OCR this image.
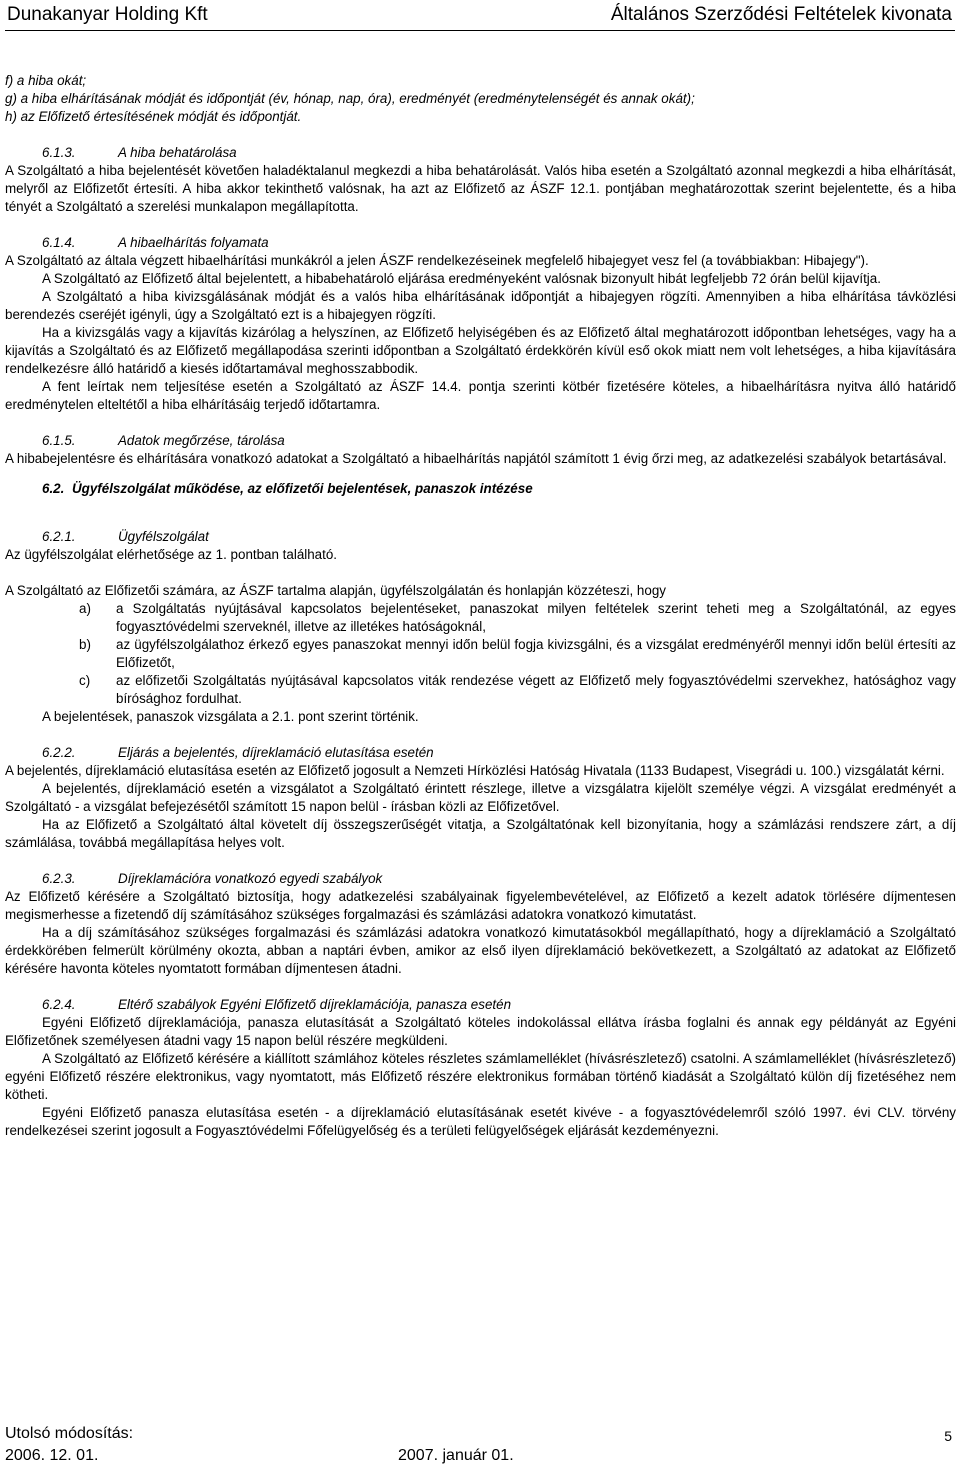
Dunakanyar Holding Kft	Általános Szerződési Feltételek kivonata

f) a hiba okát;

g) a hiba elhárításának módját és időpontját (év, hónap, nap, óra), eredményét (eredménytelenségét és annak okát);

h) az Előfizető értesítésének módját és időpontját.

6.1.3.	A hiba behatárolása

A Szolgáltató a hiba bejelentését követően haladéktalanul megkezdi a hiba behatárolását. Valós hiba esetén a Szolgáltató azonnal megkezdi a hiba elhárítását, melyről az Előfizetőt értesíti. A hiba akkor tekinthető valósnak, ha azt az Előfizető az ÁSZF 12.1. pontjában meghatározottak szerint bejelentette, és a hiba tényét a Szolgáltató a szerelési munkalapon megállapította.

6.1.4.	A hibaelhárítás folyamata

A Szolgáltató az általa végzett hibaelhárítási munkákról a jelen ÁSZF rendelkezéseinek megfelelő hibajegyet vesz fel (a továbbiakban: Hibajegy").

A Szolgáltató az Előfizető által bejelentett, a hibabehatároló eljárása eredményeként valósnak bizonyult hibát legfeljebb 72 órán belül kijavítja.

A Szolgáltató a hiba kivizsgálásának módját és a valós hiba elhárításának időpontját a hibajegyen rögzíti. Amennyiben a hiba elhárítása távközlési berendezés cseréjét igényli, úgy a Szolgáltató ezt is a hibajegyen rögzíti.

Ha a kivizsgálás vagy a kijavítás kizárólag a helyszínen, az Előfizető helyiségében és az Előfizető által meghatározott időpontban lehetséges, vagy ha a kijavítás a Szolgáltató és az Előfizető megállapodása szerinti időpontban a Szolgáltató érdekkörén kívül eső okok miatt nem volt lehetséges, a hiba kijavítására rendelkezésre álló határidő a kiesés időtartamával meghosszabbodik.

A fent leírtak nem teljesítése esetén a Szolgáltató az ÁSZF 14.4. pontja szerinti kötbér fizetésére köteles, a hibaelhárításra nyitva álló határidő eredménytelen elteltétől a hiba elhárításáig terjedő időtartamra.

6.1.5.	Adatok megőrzése, tárolása

A hibabejelentésre és elhárítására vonatkozó adatokat a Szolgáltató a hibaelhárítás napjától számított 1 évig őrzi meg, az adatkezelési szabályok betartásával.

6.2. Ügyfélszolgálat működése, az előfizetői bejelentések, panaszok intézése

6.2.1.	Ügyfélszolgálat

Az ügyfélszolgálat elérhetősége az 1. pontban található.

A Szolgáltató az Előfizetői számára, az ÁSZF tartalma alapján, ügyfélszolgálatán és honlapján közzéteszi, hogy

a) a Szolgáltatás nyújtásával kapcsolatos bejelentéseket, panaszokat milyen feltételek szerint teheti meg a Szolgáltatónál, az egyes fogyasztóvédelmi szerveknél, illetve az illetékes hatóságoknál,
b) az ügyfélszolgálathoz érkező egyes panaszokat mennyi időn belül fogja kivizsgálni, és a vizsgálat eredményéről mennyi időn belül értesíti az Előfizetőt,
c) az előfizetői Szolgáltatás nyújtásával kapcsolatos viták rendezése végett az Előfizető mely fogyasztóvédelmi szervekhez, hatósághoz vagy bírósághoz fordulhat.

A bejelentések, panaszok vizsgálata a 2.1. pont szerint történik.

6.2.2.	Eljárás a bejelentés, díjreklamáció elutasítása esetén

A bejelentés, díjreklamáció elutasítása esetén az Előfizető jogosult a Nemzeti Hírközlési Hatóság Hivatala (1133 Budapest, Visegrádi u. 100.) vizsgálatát kérni.

A bejelentés, díjreklamáció esetén a vizsgálatot a Szolgáltató érintett részlege, illetve a vizsgálatra kijelölt személye végzi. A vizsgálat eredményét a Szolgáltató - a vizsgálat befejezésétől számított 15 napon belül - írásban közli az Előfizetővel.

Ha az Előfizető a Szolgáltató által követelt díj összegszerűségét vitatja, a Szolgáltatónak kell bizonyítania, hogy a számlázási rendszere zárt, a díj számlálása, továbbá megállapítása helyes volt.

6.2.3.	Díjreklamációra vonatkozó egyedi szabályok

Az Előfizető kérésére a Szolgáltató biztosítja, hogy adatkezelési szabályainak figyelembevételével, az Előfizető a kezelt adatok törlésére díjmentesen megismerhesse a fizetendő díj számításához szükséges forgalmazási és számlázási adatokra vonatkozó kimutatást.

Ha a díj számításához szükséges forgalmazási és számlázási adatokra vonatkozó kimutatásokból megállapítható, hogy a díjreklamáció a Szolgáltató érdekkörében felmerült körülmény okozta, abban a naptári évben, amikor az első ilyen díjreklamáció bekövetkezett, a Szolgáltató az adatokat az Előfizető kérésére havonta köteles nyomtatott formában díjmentesen átadni.

6.2.4.	Eltérő szabályok Egyéni Előfizető díjreklamációja, panasza esetén

Egyéni Előfizető díjreklamációja, panasza elutasítását a Szolgáltató köteles indokolással ellátva írásba foglalni és annak egy példányát az Egyéni Előfizetőnek személyesen átadni vagy 15 napon belül részére megküldeni.

A Szolgáltató az Előfizető kérésére a kiállított számlához köteles részletes számlamelléklet (hívásrészletező) csatolni. A számlamelléklet (hívásrészletező) egyéni Előfizető részére elektronikus, vagy nyomtatott, más Előfizető részére elektronikus formában történő kiadását a Szolgáltató külön díj fizetéséhez nem kötheti.

Egyéni Előfizető panasza elutasítása esetén - a díjreklamáció elutasításának esetét kivéve - a fogyasztóvédelemről szóló 1997. évi CLV. törvény rendelkezései szerint jogosult a Fogyasztóvédelmi Főfelügyelőség és a területi felügyelőségek eljárását kezdeményezni.

Utolsó módosítás:
2006. 12. 01.	2007. január 01.
5
